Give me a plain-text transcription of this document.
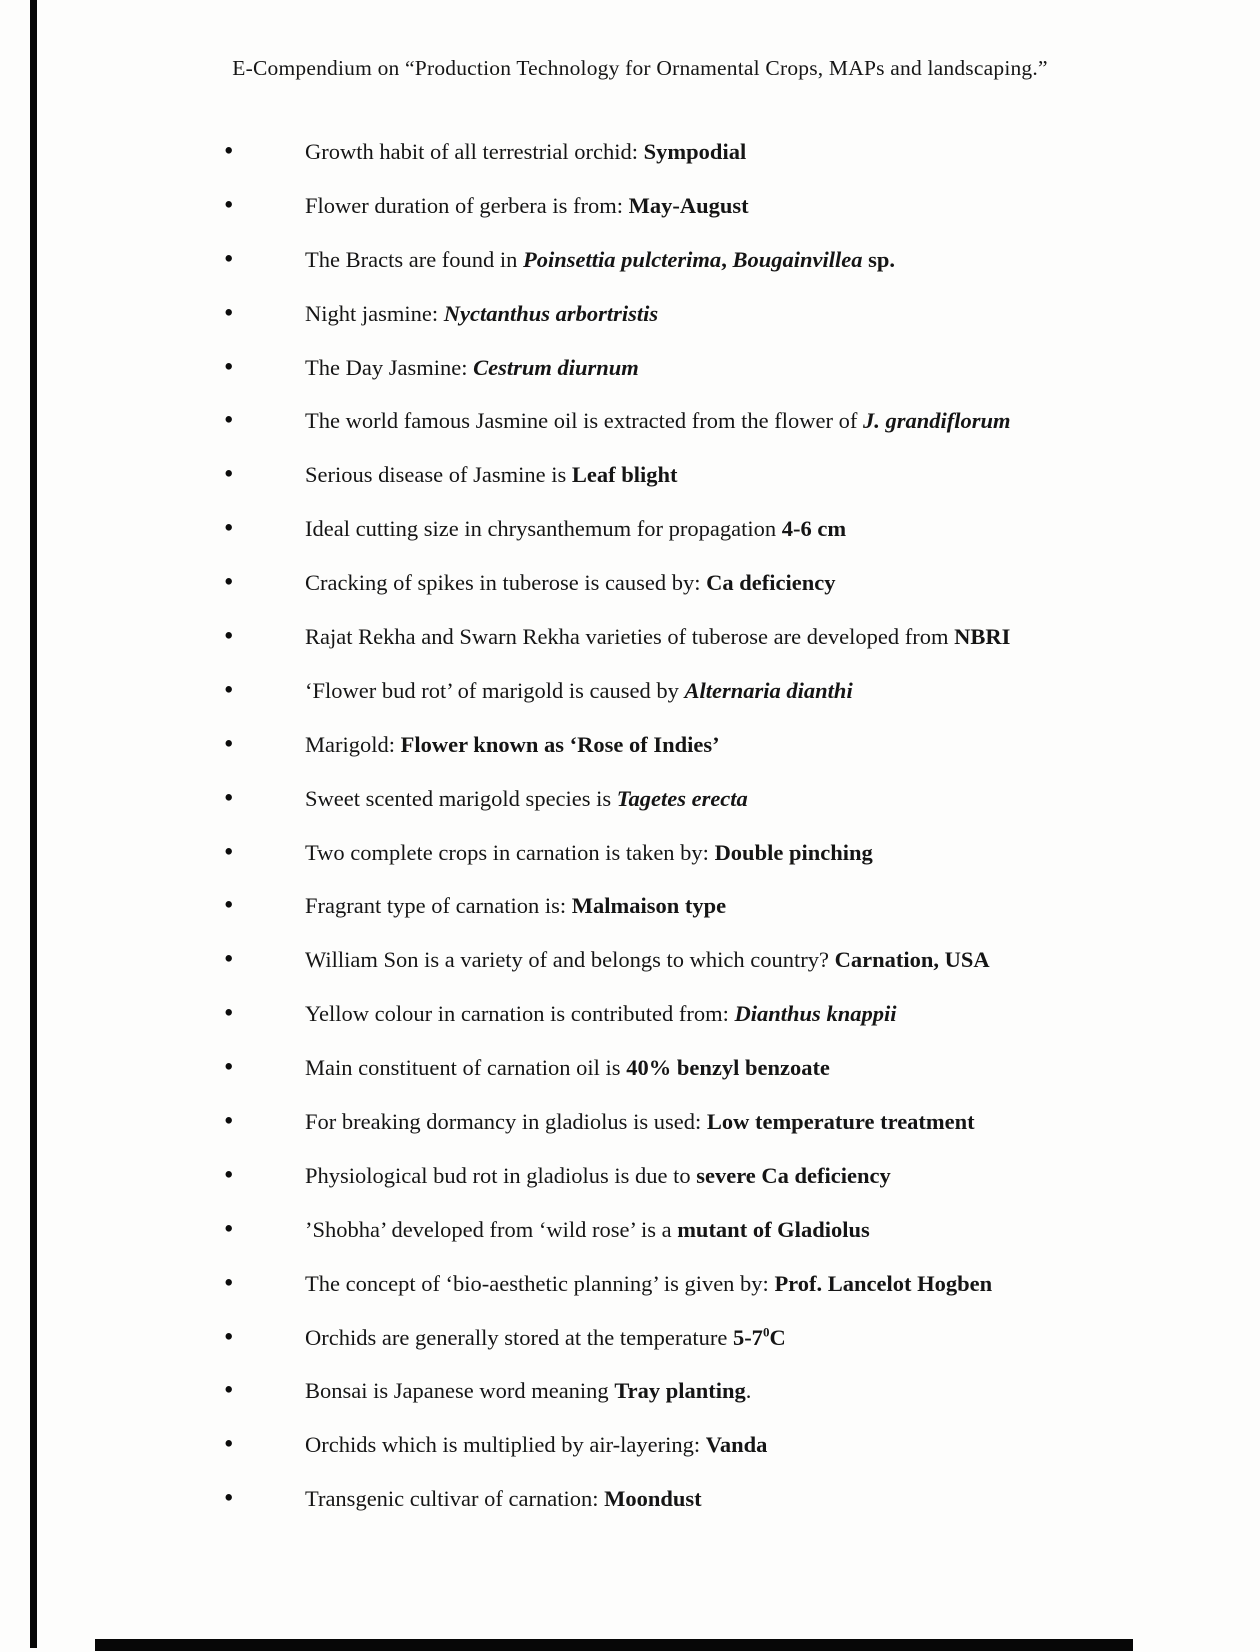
E-Compendium on “Production Technology for Ornamental Crops, MAPs and landscaping.”
•	Growth habit of all terrestrial orchid: Sympodial
•	Flower duration of gerbera is from: May-August
•	The Bracts are found in Poinsettia pulcterima, Bougainvillea sp.
•	Night jasmine: Nyctanthus arbortristis
•	The Day Jasmine: Cestrum diurnum
•	The world famous Jasmine oil is extracted from the flower of J. grandiflorum
•	Serious disease of Jasmine is Leaf blight
•	Ideal cutting size in chrysanthemum for propagation 4-6 cm
•	Cracking of spikes in tuberose is caused by: Ca deficiency
•	Rajat Rekha and Swarn Rekha varieties of tuberose are developed from NBRI
•	‘Flower bud rot’ of marigold is caused by Alternaria dianthi
•	Marigold: Flower known as ‘Rose of Indies’
•	Sweet scented marigold species is Tagetes erecta
•	Two complete crops in carnation is taken by: Double pinching
•	Fragrant type of carnation is: Malmaison type
•	William Son is a variety of and belongs to which country? Carnation, USA
•	Yellow colour in carnation is contributed from: Dianthus knappii
•	Main constituent of carnation oil is 40% benzyl benzoate
•	For breaking dormancy in gladiolus is used: Low temperature treatment
•	Physiological bud rot in gladiolus is due to severe Ca deficiency
•	’Shobha’ developed from ‘wild rose’ is a mutant of Gladiolus
•	The concept of ‘bio-aesthetic planning’ is given by: Prof. Lancelot Hogben
•	Orchids are generally stored at the temperature $5-7^0C$
•	Bonsai is Japanese word meaning Tray planting.
•	Orchids which is multiplied by air-layering: Vanda
•	Transgenic cultivar of carnation: Moondust
